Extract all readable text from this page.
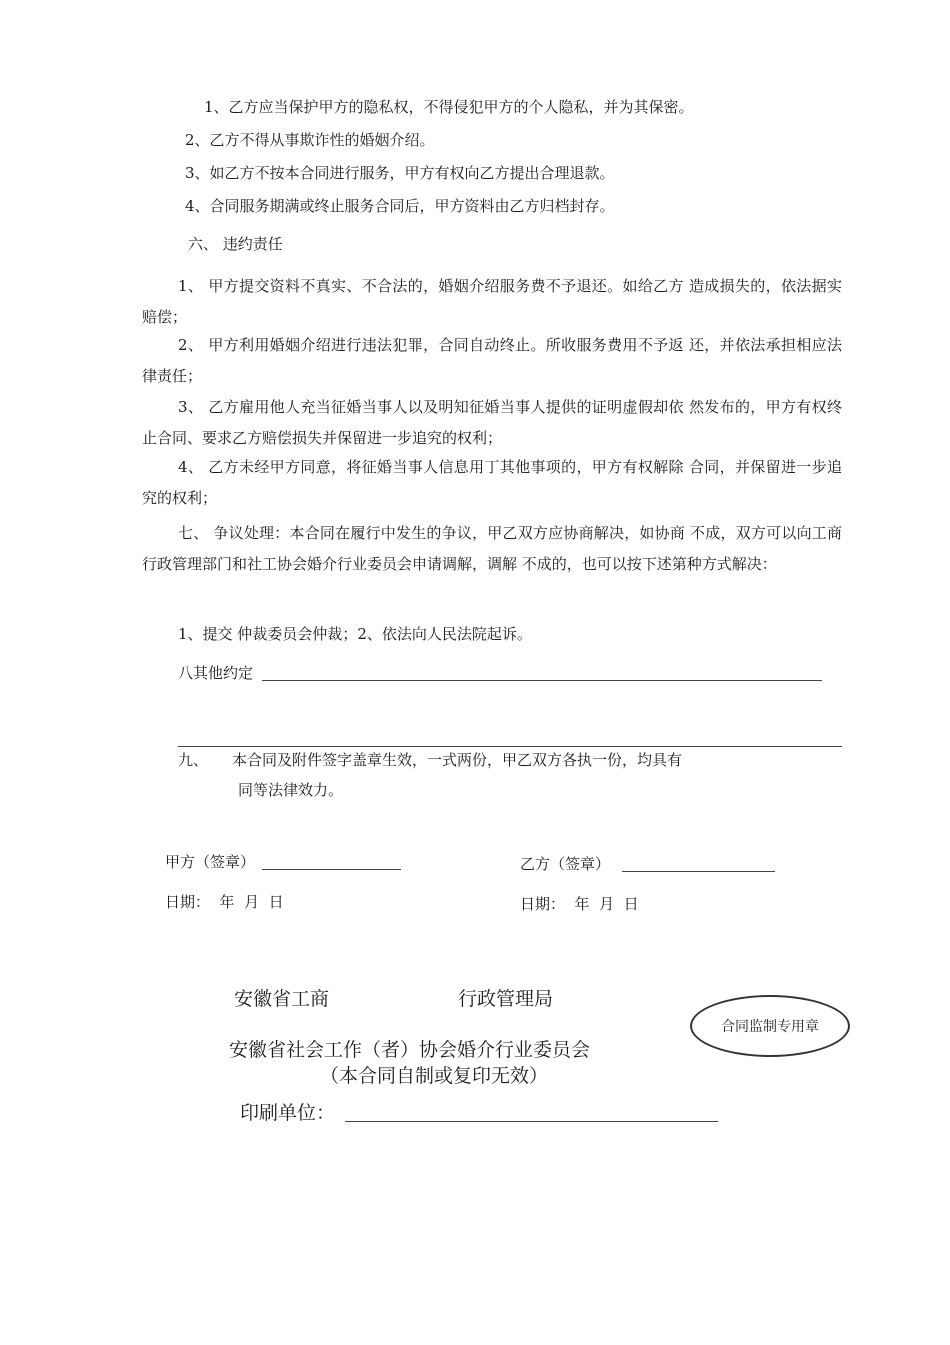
1、乙方应当保护甲方的隐私权，不得侵犯甲方的个人隐私，并为其保密。
2、乙方不得从事欺诈性的婚姻介绍。
3、如乙方不按本合同进行服务，甲方有权向乙方提出合理退款。
4、合同服务期满或终止服务合同后，甲方资料由乙方归档封存。
六、 违约责任
1、 甲方提交资料不真实、不合法的，婚姻介绍服务费不予退还。如给乙方 造成损失的，依法据实赔偿；
2、 甲方利用婚姻介绍进行违法犯罪，合同自动终止。所收服务费用不予返 还，并依法承担相应法律责任；
3、 乙方雇用他人充当征婚当事人以及明知征婚当事人提供的证明虚假却依 然发布的，甲方有权终止合同、要求乙方赔偿损失并保留进一步追究的权利；
4、 乙方未经甲方同意，将征婚当事人信息用丁其他事项的，甲方有权解除 合同，并保留进一步追究的权利；
七、 争议处理：本合同在履行中发生的争议，甲乙双方应协商解决，如协商 不成，双方可以向工商行政管理部门和社工协会婚介行业委员会申请调解，调解 不成的，也可以按下述第种方式解决：
1、提交 仲裁委员会仲裁；2、依法向人民法院起诉。
八其他约定
九、 本合同及附件签字盖章生效，一式两份，甲乙双方各执一份，均具有
同等法律效力。
甲方（签章）	乙方（签章）
日期：  年  月  日	日期：  年  月  日
安徽省工商	行政管理局
安徽省社会工作（者）协会婚介行业委员会
（本合同自制或复印无效）
印刷单位：
合同监制专用章
